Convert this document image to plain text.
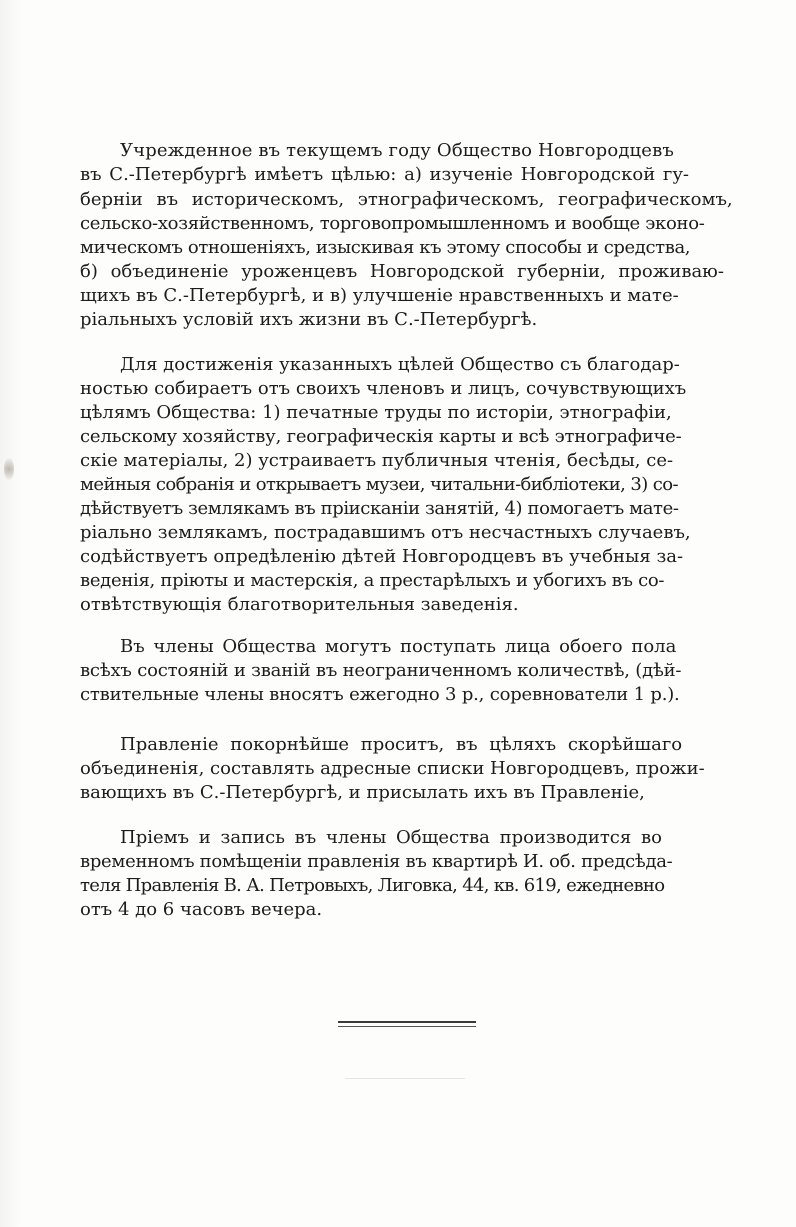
Учрежденное въ текущемъ году Общество Новгородцевъ
въ С.-Петербургѣ имѣетъ цѣлью: а) изученіе Новгородской гу-
берніи въ историческомъ, этнографическомъ, географическомъ,
сельско-хозяйственномъ, торговопромышленномъ и вообще эконо-
мическомъ отношеніяхъ, изыскивая къ этому способы и средства,
б) объединеніе уроженцевъ Новгородской губерніи, проживаю-
щихъ въ С.-Петербургѣ, и в) улучшеніе нравственныхъ и мате-
ріальныхъ условій ихъ жизни въ С.-Петербургѣ.
Для достиженія указанныхъ цѣлей Общество съ благодар-
ностью собираетъ отъ своихъ членовъ и лицъ, сочувствующихъ
цѣлямъ Общества: 1) печатные труды по исторіи, этнографіи,
сельскому хозяйству, географическія карты и всѣ этнографиче-
скіе матеріалы, 2) устраиваетъ публичныя чтенія, бесѣды, се-
мейныя собранія и открываетъ музеи, читальни-библіотеки, 3) со-
дѣйствуетъ землякамъ въ пріисканіи занятій, 4) помогаетъ мате-
ріально землякамъ, пострадавшимъ отъ несчастныхъ случаевъ,
содѣйствуетъ опредѣленію дѣтей Новгородцевъ въ учебныя за-
веденія, пріюты и мастерскія, а престарѣлыхъ и убогихъ въ со-
отвѣтствующія благотворительныя заведенія.
Въ члены Общества могутъ поступать лица обоего пола
всѣхъ состояній и званій въ неограниченномъ количествѣ, (дѣй-
ствительные члены вносятъ ежегодно 3 р., соревнователи 1 р.).
Правленіе покорнѣйше проситъ, въ цѣляхъ скорѣйшаго
объединенія, составлять адресные списки Новгородцевъ, прожи-
вающихъ въ С.-Петербургѣ, и присылать ихъ въ Правленіе,
Пріемъ и запись въ члены Общества производится во
временномъ помѣщеніи правленія въ квартирѣ И. об. предсѣда-
теля Правленія В. А. Петровыхъ, Лиговка, 44, кв. 619, ежедневно
отъ 4 до 6 часовъ вечера.
